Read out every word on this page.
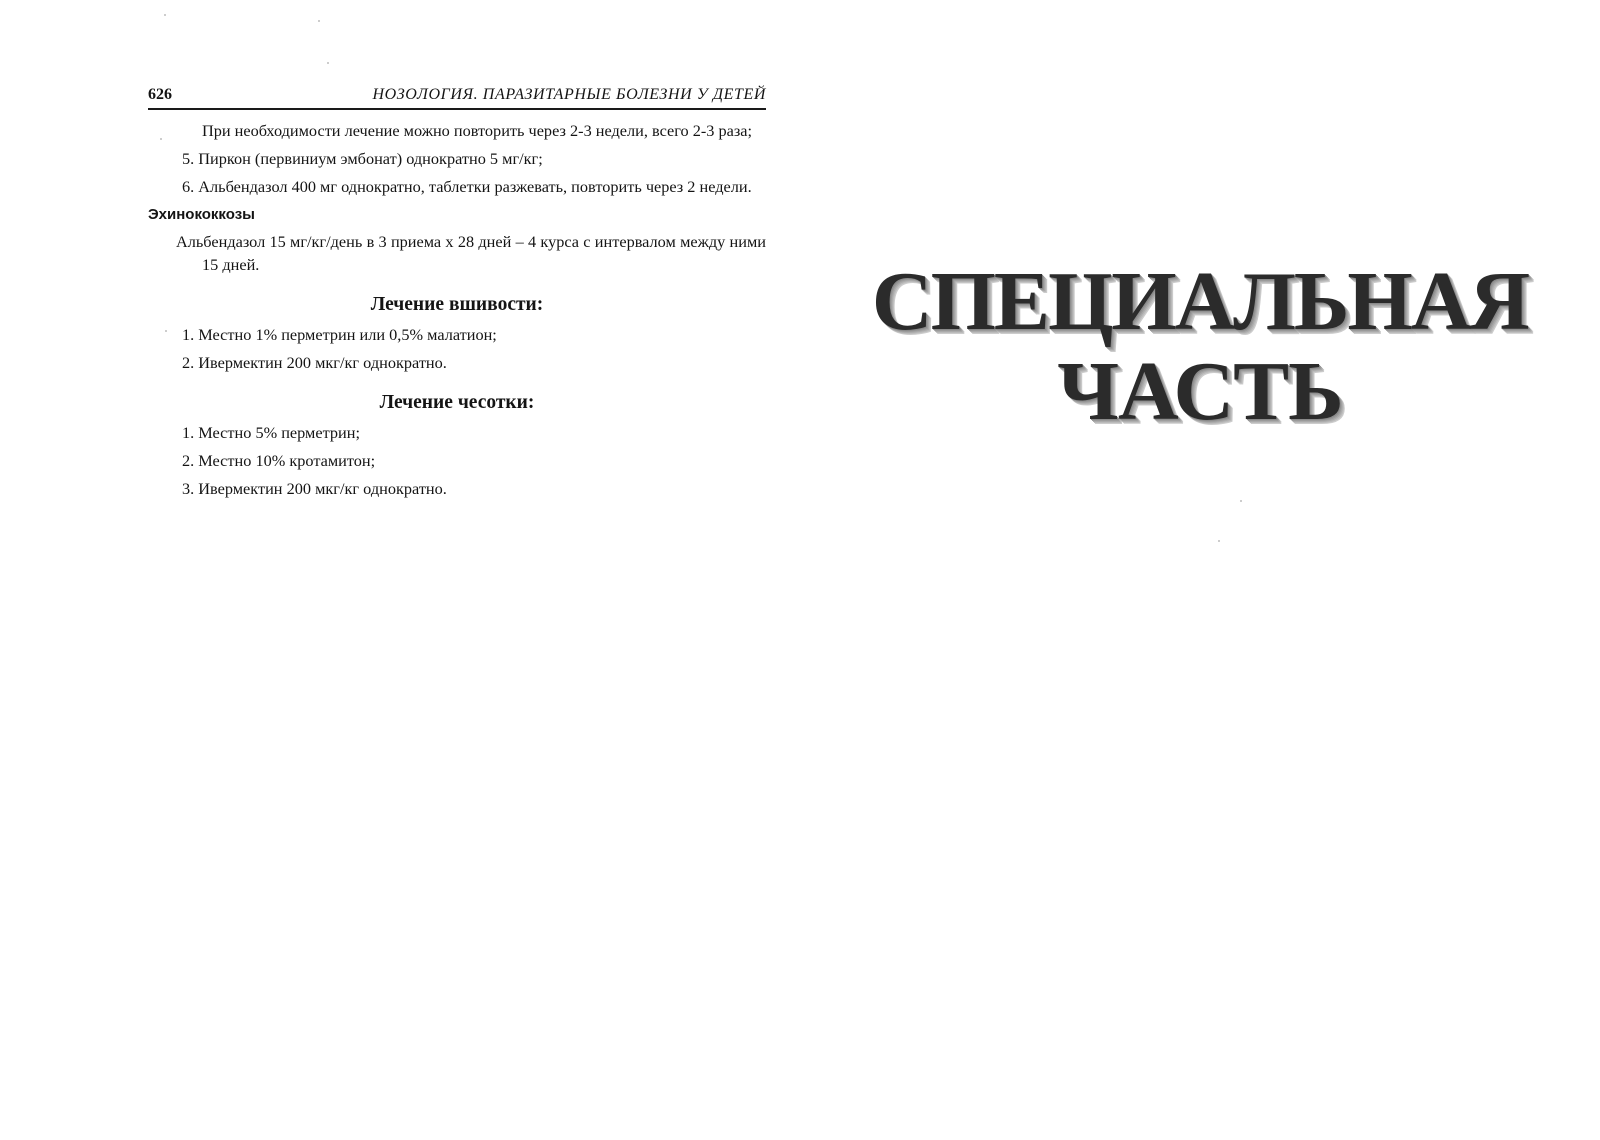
626	НОЗОЛОГИЯ. ПАРАЗИТАРНЫЕ БОЛЕЗНИ У ДЕТЕЙ

При необходимости лечение можно повторить через 2-3 недели, всего 2-3 раза;

5. Пиркон (первиниум эмбонат) однократно 5 мг/кг;
6. Альбендазол 400 мг однократно, таблетки разжевать, повторить через 2 недели.
Эхинококкозы

Альбендазол 15 мг/кг/день в 3 приема x 28 дней – 4 курса с интервалом между ними 15 дней.

Лечение вшивости:
1. Местно 1% перметрин или 0,5% малатион;
2. Ивермектин 200 мкг/кг однократно.
Лечение чесотки:
1. Местно 5% перметрин;
2. Местно 10% кротамитон;
3. Ивермектин 200 мкг/кг однократно.
СПЕЦИАЛЬНАЯ
ЧАСТЬ
